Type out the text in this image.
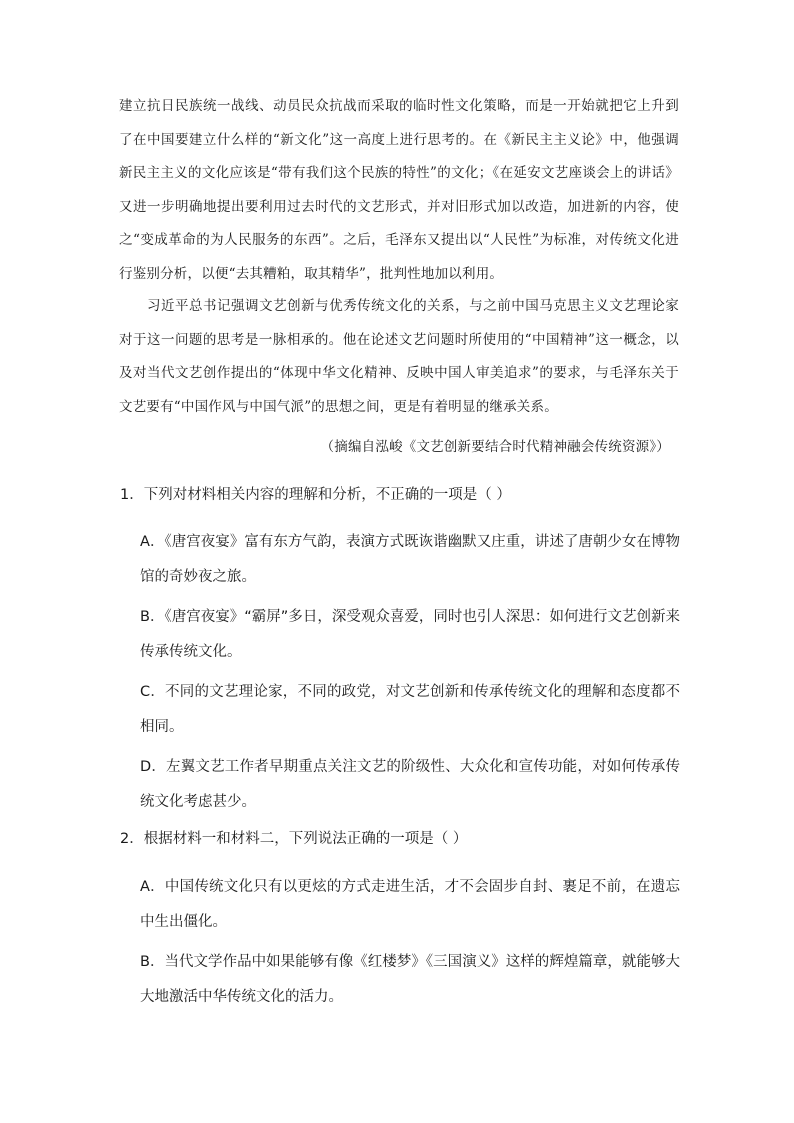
建立抗日民族统一战线、动员民众抗战而采取的临时性文化策略，而是一开始就把它上升到了在中国要建立什么样的“新文化”这一高度上进行思考的。在《新民主主义论》中，他强调新民主主义的文化应该是“带有我们这个民族的特性”的文化；《在延安文艺座谈会上的讲话》又进一步明确地提出要利用过去时代的文艺形式，并对旧形式加以改造，加进新的内容，使之“变成革命的为人民服务的东西”。之后，毛泽东又提出以“人民性”为标准，对传统文化进行鉴别分析，以便“去其糟粕，取其精华”，批判性地加以利用。

习近平总书记强调文艺创新与优秀传统文化的关系，与之前中国马克思主义文艺理论家对于这一问题的思考是一脉相承的。他在论述文艺问题时所使用的“中国精神”这一概念，以及对当代文艺创作提出的“体现中华文化精神、反映中国人审美追求”的要求，与毛泽东关于文艺要有“中国作风与中国气派”的思想之间，更是有着明显的继承关系。

（摘编自泓峻《文艺创新要结合时代精神融会传统资源》）

1．下列对材料相关内容的理解和分析，不正确的一项是（ ）

A．《唐宫夜宴》富有东方气韵，表演方式既诙谐幽默又庄重，讲述了唐朝少女在博物馆的奇妙夜之旅。

B．《唐宫夜宴》“霸屏”多日，深受观众喜爱，同时也引人深思：如何进行文艺创新来传承传统文化。

C．不同的文艺理论家，不同的政党，对文艺创新和传承传统文化的理解和态度都不相同。

D．左翼文艺工作者早期重点关注文艺的阶级性、大众化和宣传功能，对如何传承传统文化考虑甚少。

2．根据材料一和材料二，下列说法正确的一项是（ ）

A．中国传统文化只有以更炫的方式走进生活，才不会固步自封、裹足不前，在遗忘中生出僵化。

B．当代文学作品中如果能够有像《红楼梦》《三国演义》这样的辉煌篇章，就能够大大地激活中华传统文化的活力。
